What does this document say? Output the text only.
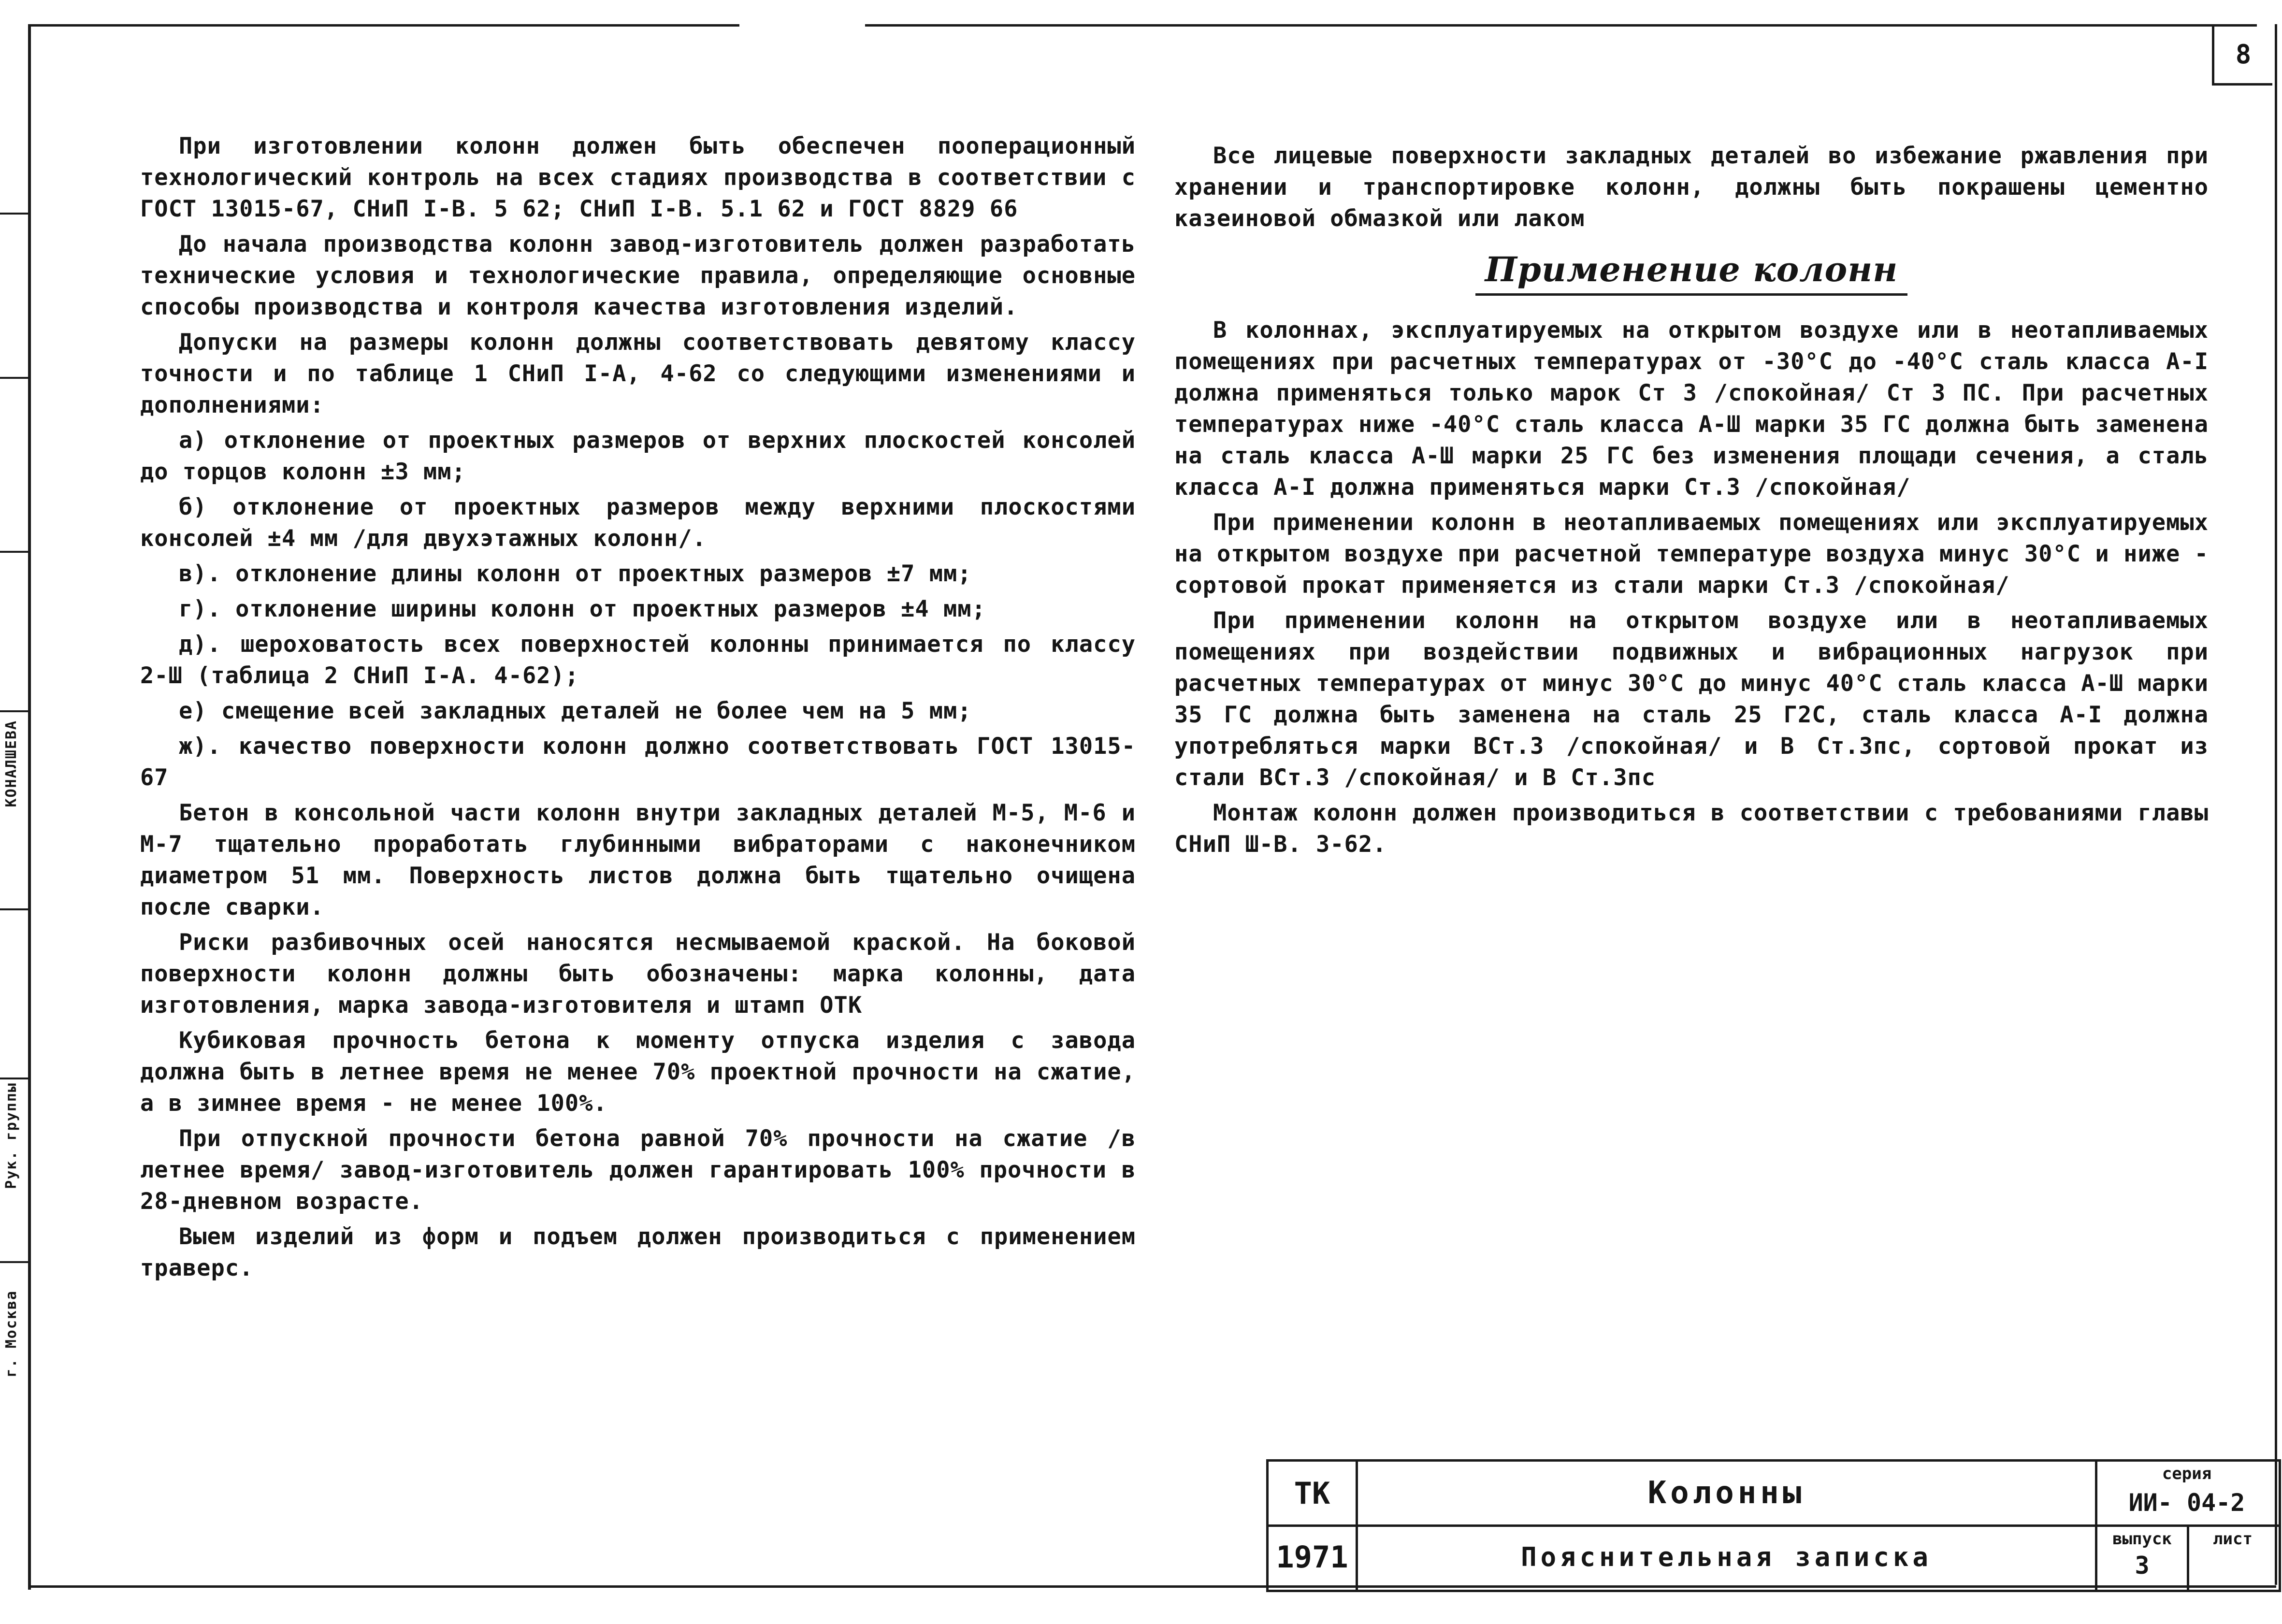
КОНАЛШЕВА
Рук. группы
г. Москва
8

При изготовлении колонн должен быть обеспечен пооперационный технологический контроль на всех стадиях производства в соответствии с ГОСТ 13015-67, СНиП I-В. 5 62; СНиП I-В. 5.1 62 и ГОСТ 8829 66

До начала производства колонн завод-изготовитель должен разработать технические условия и технологические правила, определяющие основные способы производства и контроля качества изготовления изделий.

Допуски на размеры колонн должны соответствовать девятому классу точности и по таблице 1 СНиП I-А, 4-62 со следующими изменениями и дополнениями:

а) отклонение от проектных размеров от верхних плоскостей консолей до торцов колонн ±3 мм;

б) отклонение от проектных размеров между верхними плоскостями консолей ±4 мм /для двухэтажных колонн/.

в). отклонение длины колонн от проектных размеров ±7 мм;

г). отклонение ширины колонн от проектных размеров ±4 мм;

д). шероховатость всех поверхностей колонны принимается по классу 2-Ш (таблица 2 СНиП I-А. 4-62);

е) смещение всей закладных деталей не более чем на 5 мм;

ж). качество поверхности колонн должно соответствовать ГОСТ 13015-67

Бетон в консольной части колонн внутри закладных деталей М-5, М-6 и М-7 тщательно проработать глубинными вибраторами с наконечником диаметром 51 мм. Поверхность листов должна быть тщательно очищена после сварки.

Риски разбивочных осей наносятся несмываемой краской. На боковой поверхности колонн должны быть обозначены: марка колонны, дата изготовления, марка завода-изготовителя и штамп ОТК

Кубиковая прочность бетона к моменту отпуска изделия с завода должна быть в летнее время не менее 70% проектной прочности на сжатие, а в зимнее время - не менее 100%.

При отпускной прочности бетона равной 70% прочности на сжатие /в летнее время/ завод-изготовитель должен гарантировать 100% прочности в 28-дневном возрасте.

Выем изделий из форм и подъем должен производиться с применением траверс.

Все лицевые поверхности закладных деталей во избежание ржавления при хранении и транспортировке колонн, должны быть покрашены цементно казеиновой обмазкой или лаком

Применение колонн

В колоннах, эксплуатируемых на открытом воздухе или в неотапливаемых помещениях при расчетных температурах от -30°С до -40°С сталь класса А-I должна применяться только марок Ст 3 /спокойная/ Ст 3 ПС. При расчетных температурах ниже -40°С сталь класса А-Ш марки 35 ГС должна быть заменена на сталь класса А-Ш марки 25 ГС без изменения площади сечения, а сталь класса А-I должна применяться марки Ст.3 /спокойная/

При применении колонн в неотапливаемых помещениях или эксплуатируемых на открытом воздухе при расчетной температуре воздуха минус 30°С и ниже - сортовой прокат применяется из стали марки Ст.3 /спокойная/

При применении колонн на открытом воздухе или в неотапливаемых помещениях при воздействии подвижных и вибрационных нагрузок при расчетных температурах от минус 30°С до минус 40°С сталь класса А-Ш марки 35 ГС должна быть заменена на сталь 25 Г2С, сталь класса А-I должна употребляться марки ВСт.3 /спокойная/ и В Ст.3пс, сортовой прокат из стали ВСт.3 /спокойная/ и В Ст.3пс

Монтаж колонн должен производиться в соответствии с требованиями главы СНиП Ш-В. 3-62.

ТК
1971
Колонны
Пояснительная записка
серия
ИИ- 04-2
выпуск
3
лист
